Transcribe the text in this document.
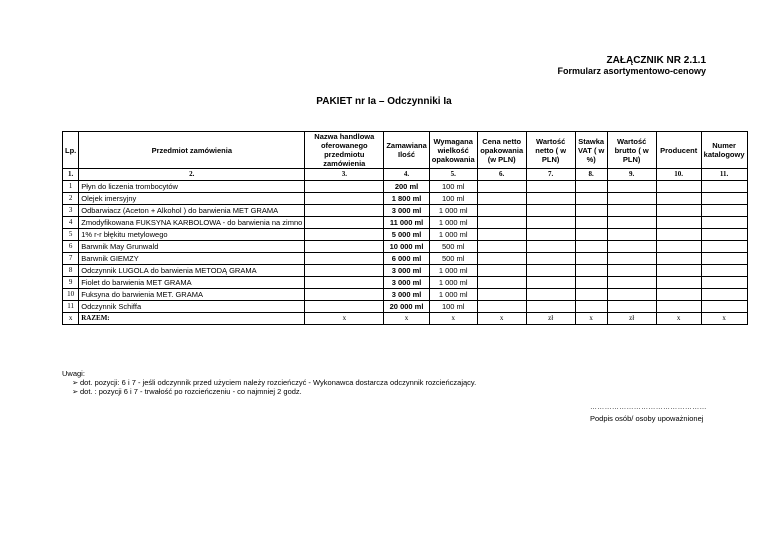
ZAŁĄCZNIK NR 2.1.1
Formularz asortymentowo-cenowy
PAKIET nr Ia – Odczynniki Ia
Lp.	Przedmiot zamówienia	Nazwa handlowa oferowanego przedmiotu zamówienia	Zamawiana Ilość	Wymagana wielkość opakowania	Cena netto opakowania (w PLN)	Wartość netto ( w PLN)	Stawka VAT ( w %)	Wartość brutto ( w PLN)	Producent	Numer katalogowy
1.	2.	3.	4.	5.	6.	7.	8.	9.	10.	11.
1	Płyn do liczenia trombocytów		200 ml	100 ml						
2	Olejek imersyjny		1 800 ml	100 ml						
3	Odbarwiacz (Aceton + Alkohol ) do barwienia MET GRAMA		3 000 ml	1 000 ml						
4	Zmodyfikowana FUKSYNA KARBOLOWA - do barwienia na zimno		11 000 ml	1 000 ml						
5	1% r-r błękitu metylowego		5 000 ml	1 000 ml						
6	Barwnik May Grunwald		10 000 ml	500 ml						
7	Barwnik GIEMZY		6 000 ml	500 ml						
8	Odczynnik LUGOLA do barwienia METODĄ GRAMA		3 000 ml	1 000 ml						
9	Fiolet do barwienia MET GRAMA		3 000 ml	1 000 ml						
10	Fuksyna do barwienia MET. GRAMA		3 000 ml	1 000 ml						
11	Odczynnik Schiffa		20 000 ml	100 ml						
x	RAZEM:	x	x	x	x	zł	x	zł	x	x
Uwagi:
➢ dot. pozycji: 6 i 7 - jeśli odczynnik przed użyciem należy rozcieńczyć - Wykonawca dostarcza odczynnik rozcieńczający.
➢ dot. : pozycji 6 i 7 - trwałość po rozcieńczeniu - co najmniej 2 godz.
…………………………………………
Podpis osób/ osoby upoważnionej
